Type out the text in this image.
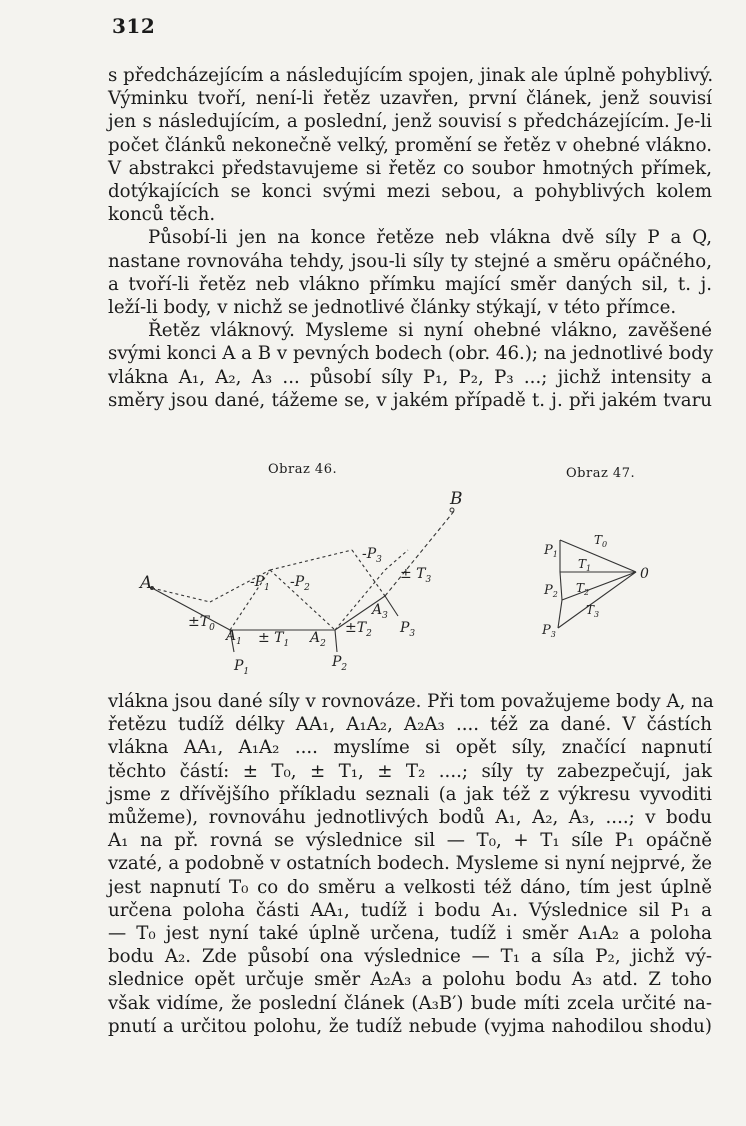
312

s předcházejícím a následujícím spojen, jinak ale úplně pohyblivý.
Výminku tvoří, není-li řetěz uzavřen, první článek, jenž souvisí
jen s následujícím, a poslední, jenž souvisí s předcházejícím. Je-li
počet článků nekonečně velký, promění se řetěz v ohebné vlákno.
V abstrakci představujeme si řetěz co soubor hmotných přímek,
dotýkajících se konci svými mezi sebou, a pohyblivých kolem
konců těch.

Působí-li jen na konce řetěze neb vlákna dvě síly P a Q,

nastane rovnováha tehdy, jsou-li síly ty stejné a směru opáčného,
a tvoří-li řetěz neb vlákno přímku mající směr daných sil, t. j.
leží-li body, v nichž se jednotlivé články stýkají, v této přímce.

Řetěz vláknový. Mysleme si nyní ohebné vlákno, zavěšené

svými konci A a B v pevných bodech (obr. 46.); na jednotlivé body
vlákna A₁, A₂, A₃ ... působí síly P₁, P₂, P₃ ...; jichž intensity a
směry jsou dané, tážeme se, v jakém případě t. j. při jakém tvaru

Obraz 46.	Obraz 47.
A
B
$-P_1$ $-P_2$
$-P_3$
$\pm T_0$ $A_1 \pm T_1$ $A_2$
$\pm T_2$
$A_3$
$P_3$
± $T_3$
$P_1$
$P_2$
$P_1$
$P_2$
$P_3$
$T_0$
$T_1$
$T_2$
$T_3$
0

vlákna jsou dané síly v rovnováze. Při tom považujeme body A, na
řetězu tudíž délky AA₁, A₁A₂, A₂A₃ .... též za dané. V částích
vlákna AA₁, A₁A₂ .... myslíme si opět síly, značící napnutí
těchto částí: ± T₀, ± T₁, ± T₂ ....; síly ty zabezpečují, jak
jsme z dřívějšího příkladu seznali (a jak též z výkresu vyvoditi
můžeme), rovnováhu jednotlivých bodů A₁, A₂, A₃, ....; v bodu
A₁ na př. rovná se výslednice sil — T₀, + T₁ síle P₁ opáčně
vzaté, a podobně v ostatních bodech. Mysleme si nyní nejprvé, že
jest napnutí T₀ co do směru a velkosti též dáno, tím jest úplně
určena poloha části AA₁, tudíž i bodu A₁. Výslednice sil P₁ a
— T₀ jest nyní také úplně určena, tudíž i směr A₁A₂ a poloha
bodu A₂. Zde působí ona výslednice — T₁ a síla P₂, jichž vý-
slednice opět určuje směr A₂A₃ a polohu bodu A₃ atd. Z toho
však vidíme, že poslední článek (A₃B′) bude míti zcela určité na-
pnutí a určitou polohu, že tudíž nebude (vyjma nahodilou shodu)
